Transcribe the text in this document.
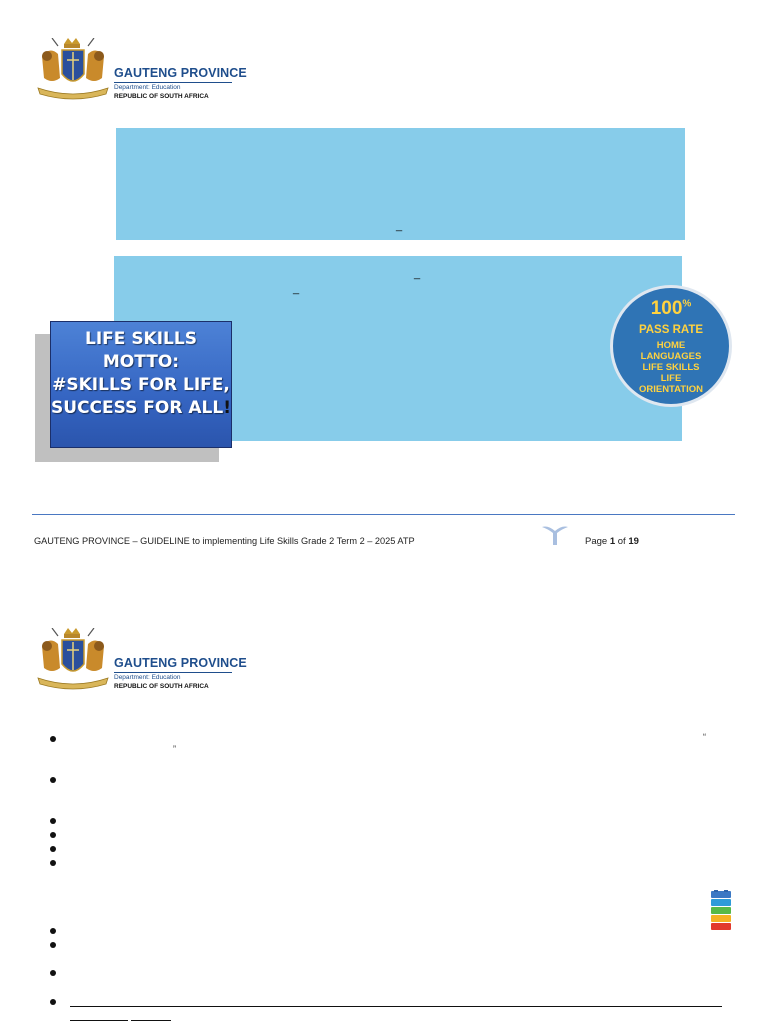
GAUTENG PROVINCE
Department: Education
REPUBLIC OF SOUTH AFRICA
_
_
_
LIFE SKILLS
MOTTO:
#SKILLS FOR LIFE,
SUCCESS FOR ALL!
100%
PASS RATE
HOME
LANGUAGES
LIFE SKILLS
LIFE
ORIENTATION
GAUTENG PROVINCE – GUIDELINE to implementing Life Skills Grade 2 Term 2 – 2025 ATP	Page 1 of 19
GAUTENG PROVINCE
Department: Education
REPUBLIC OF SOUTH AFRICA
“
”
